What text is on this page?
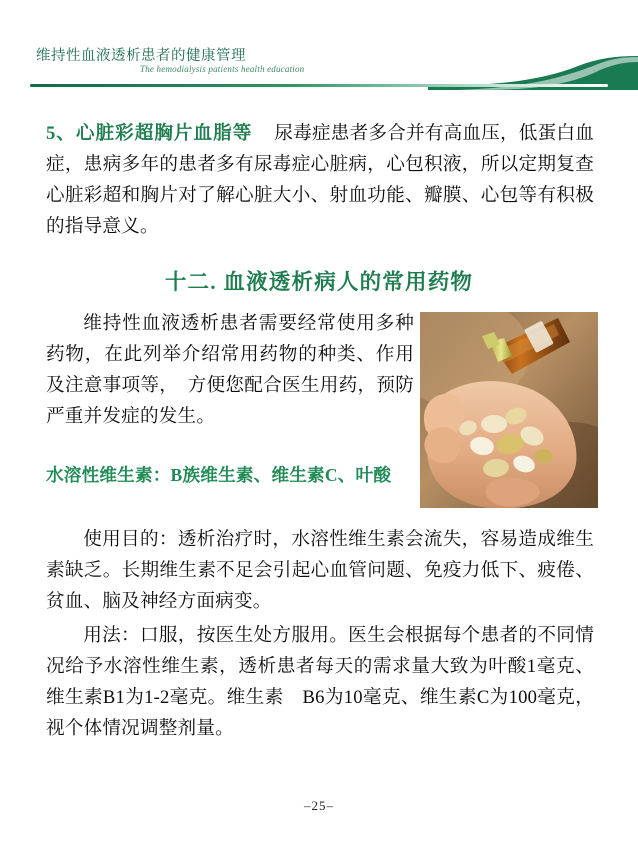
维持性血液透析患者的健康管理
The hemodialysis patients health education

5、心脏彩超胸片血脂等 尿毒症患者多合并有高血压，低蛋白血症，患病多年的患者多有尿毒症心脏病，心包积液，所以定期复查心脏彩超和胸片对了解心脏大小、射血功能、瓣膜、心包等有积极的指导意义。

十二. 血液透析病人的常用药物

维持性血液透析患者需要经常使用多种药物，在此列举介绍常用药物的种类、作用及注意事项等，　方便您配合医生用药，预防严重并发症的发生。

水溶性维生素：B族维生素、维生素C、叶酸

使用目的：透析治疗时，水溶性维生素会流失，容易造成维生素缺乏。长期维生素不足会引起心血管问题、免疫力低下、疲倦、贫血、脑及神经方面病变。

用法：口服，按医生处方服用。医生会根据每个患者的不同情况给予水溶性维生素，透析患者每天的需求量大致为叶酸1毫克、维生素B1为1-2毫克。维生素　B6为10毫克、维生素C为100毫克，视个体情况调整剂量。

–25–
